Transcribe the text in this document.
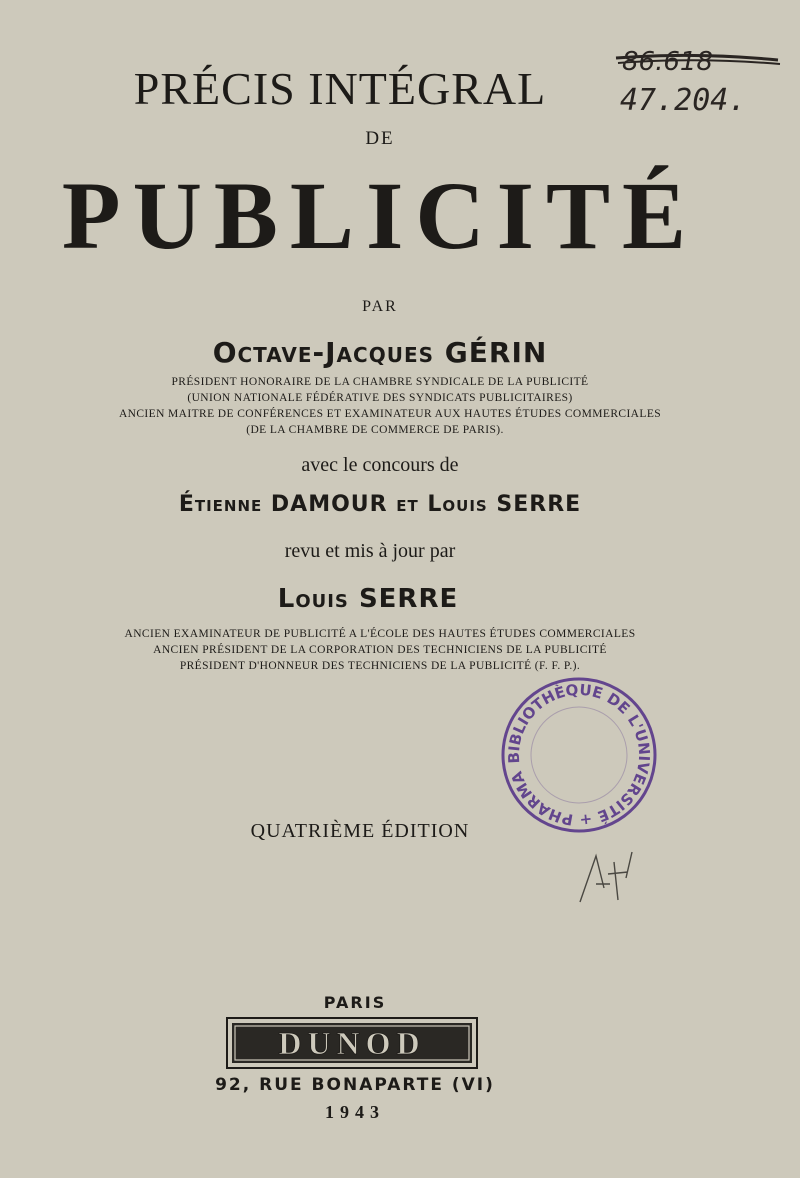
PRÉCIS INTÉGRAL
DE
PUBLICITÉ
PAR
Octave-Jacques GÉRIN
PRÉSIDENT HONORAIRE DE LA CHAMBRE SYNDICALE DE LA PUBLICITÉ
(UNION NATIONALE FÉDÉRATIVE DES SYNDICATS PUBLICITAIRES)
ANCIEN MAITRE DE CONFÉRENCES ET EXAMINATEUR AUX HAUTES ÉTUDES COMMERCIALES
(DE LA CHAMBRE DE COMMERCE DE PARIS).
avec le concours de
Étienne DAMOUR et Louis SERRE
revu et mis à jour par
Louis SERRE
ANCIEN EXAMINATEUR DE PUBLICITÉ A L'ÉCOLE DES HAUTES ÉTUDES COMMERCIALES
ANCIEN PRÉSIDENT DE LA CORPORATION DES TECHNICIENS DE LA PUBLICITÉ
PRÉSIDENT D'HONNEUR DES TECHNICIENS DE LA PUBLICITÉ (F. F. P.).
QUATRIÈME ÉDITION
PARIS
DUNOD
92, RUE BONAPARTE (VI)
1943
86.618
47.204.
BIBLIOTHÈQUE DE L'UNIVERSITÉ + PHARMACIE
